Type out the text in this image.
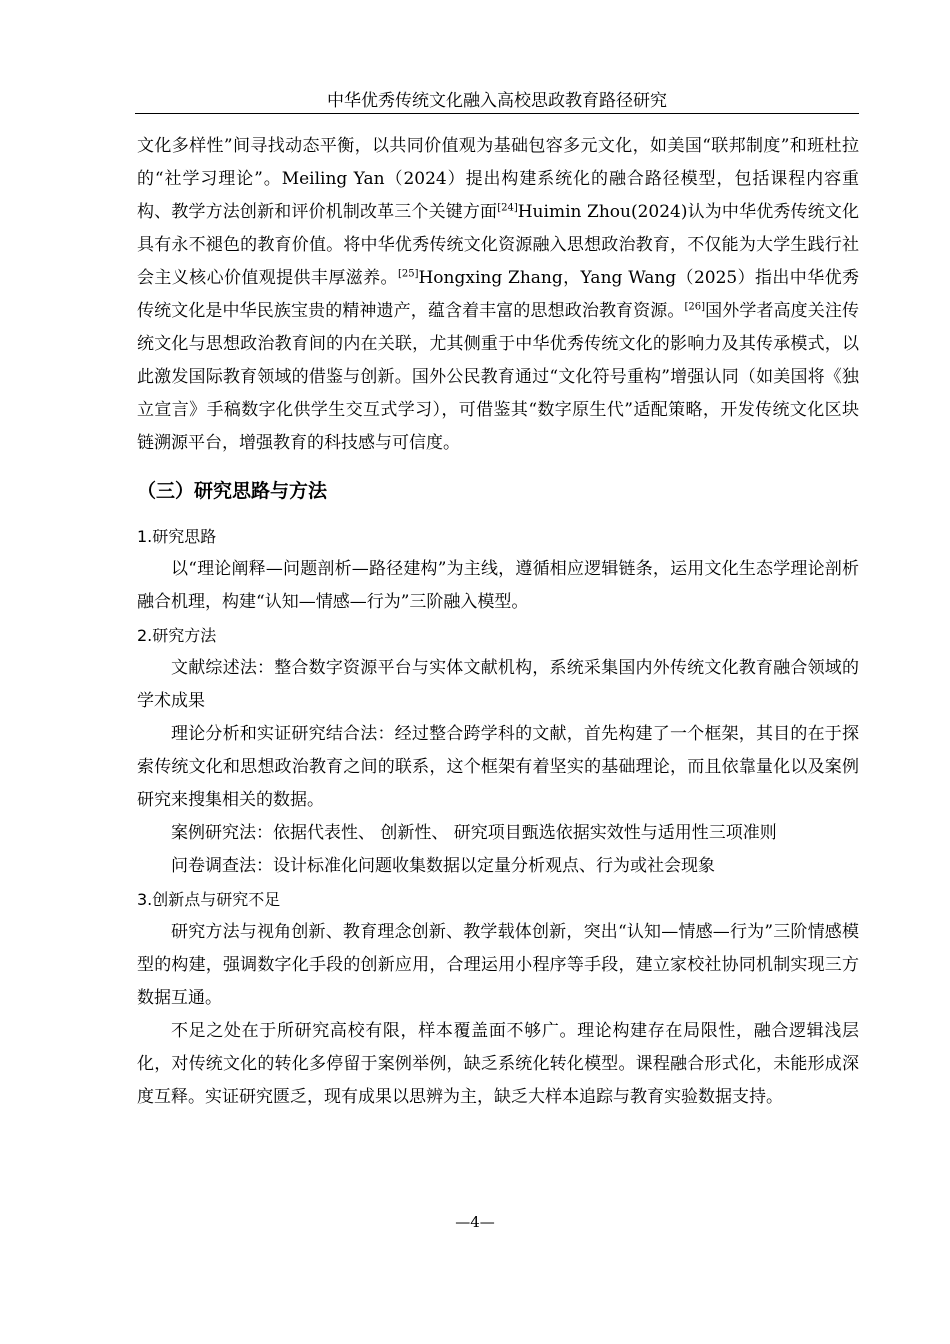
中华优秀传统文化融入高校思政教育路径研究

文化多样性”间寻找动态平衡，以共同价值观为基础包容多元文化，如美国“联邦制度”和班杜拉的“社学习理论”。Meiling Yan（2024）提出构建系统化的融合路径模型，包括课程内容重构、教学方法创新和评价机制改革三个关键方面[24]Huimin Zhou(2024)认为中华优秀传统文化具有永不褪色的教育价值。将中华优秀传统文化资源融入思想政治教育，不仅能为大学生践行社会主义核心价值观提供丰厚滋养。[25]Hongxing Zhang，Yang Wang（2025）指出中华优秀传统文化是中华民族宝贵的精神遗产，蕴含着丰富的思想政治教育资源。[26]国外学者高度关注传统文化与思想政治教育间的内在关联，尤其侧重于中华优秀传统文化的影响力及其传承模式，以此激发国际教育领域的借鉴与创新。国外公民教育通过“文化符号重构”增强认同（如美国将《独立宣言》手稿数字化供学生交互式学习），可借鉴其“数字原生代”适配策略，开发传统文化区块链溯源平台，增强教育的科技感与可信度。

（三）研究思路与方法
1.研究思路

以“理论阐释—问题剖析—路径建构”为主线，遵循相应逻辑链条，运用文化生态学理论剖析融合机理，构建“认知—情感—行为”三阶融入模型。

2.研究方法

文献综述法：整合数字资源平台与实体文献机构，系统采集国内外传统文化教育融合领域的学术成果

理论分析和实证研究结合法：经过整合跨学科的文献，首先构建了一个框架，其目的在于探索传统文化和思想政治教育之间的联系，这个框架有着坚实的基础理论，而且依靠量化以及案例研究来搜集相关的数据。

案例研究法：依据代表性、 创新性、 研究项目甄选依据实效性与适用性三项准则

问卷调查法：设计标准化问题收集数据以定量分析观点、行为或社会现象

3.创新点与研究不足

研究方法与视角创新、教育理念创新、教学载体创新，突出“认知—情感—行为”三阶情感模型的构建，强调数字化手段的创新应用，合理运用小程序等手段，建立家校社协同机制实现三方数据互通。

不足之处在于所研究高校有限，样本覆盖面不够广。理论构建存在局限性，融合逻辑浅层化，对传统文化的转化多停留于案例举例，缺乏系统化转化模型。课程融合形式化，未能形成深度互释。实证研究匮乏，现有成果以思辨为主，缺乏大样本追踪与教育实验数据支持。

—4—
